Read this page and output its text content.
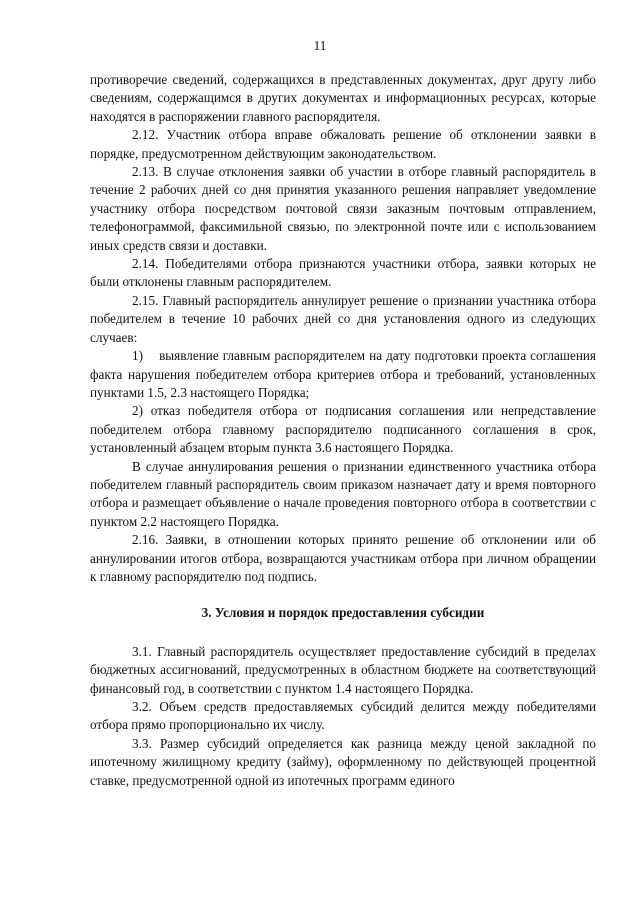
11

противоречие сведений, содержащихся в представленных документах, друг другу либо сведениям, содержащимся в других документах и информационных ресурсах, которые находятся в распоряжении главного распорядителя.

2.12. Участник отбора вправе обжаловать решение об отклонении заявки в порядке, предусмотренном действующим законодательством.

2.13. В случае отклонения заявки об участии в отборе главный распорядитель в течение 2 рабочих дней со дня принятия указанного решения направляет уведомление участнику отбора посредством почтовой связи заказным почтовым отправлением, телефонограммой, факсимильной связью, по электронной почте или с использованием иных средств связи и доставки.

2.14. Победителями отбора признаются участники отбора, заявки которых не были отклонены главным распорядителем.

2.15. Главный распорядитель аннулирует решение о признании участника отбора победителем в течение 10 рабочих дней со дня установления одного из следующих случаев:

1)    выявление главным распорядителем на дату подготовки проекта соглашения факта нарушения победителем отбора критериев отбора и требований, установленных пунктами 1.5, 2.3 настоящего Порядка;

2) отказ победителя отбора от подписания соглашения или непредставление победителем отбора главному распорядителю подписанного соглашения в срок, установленный абзацем вторым пункта 3.6 настоящего Порядка.

В случае аннулирования решения о признании единственного участника отбора победителем главный распорядитель своим приказом назначает дату и время повторного отбора и размещает объявление о начале проведения повторного отбора в соответствии с пунктом 2.2 настоящего Порядка.

2.16. Заявки, в отношении которых принято решение об отклонении или об аннулировании итогов отбора, возвращаются участникам отбора при личном обращении к главному распорядителю под подпись.

3. Условия и порядок предоставления субсидии

3.1. Главный распорядитель осуществляет предоставление субсидий в пределах бюджетных ассигнований, предусмотренных в областном бюджете на соответствующий финансовый год, в соответствии с пунктом 1.4 настоящего Порядка.

3.2. Объем средств предоставляемых субсидий делится между победителями отбора прямо пропорционально их числу.

3.3. Размер субсидий определяется как разница между ценой закладной по ипотечному жилищному кредиту (займу), оформленному по действующей процентной ставке, предусмотренной одной из ипотечных программ единого
